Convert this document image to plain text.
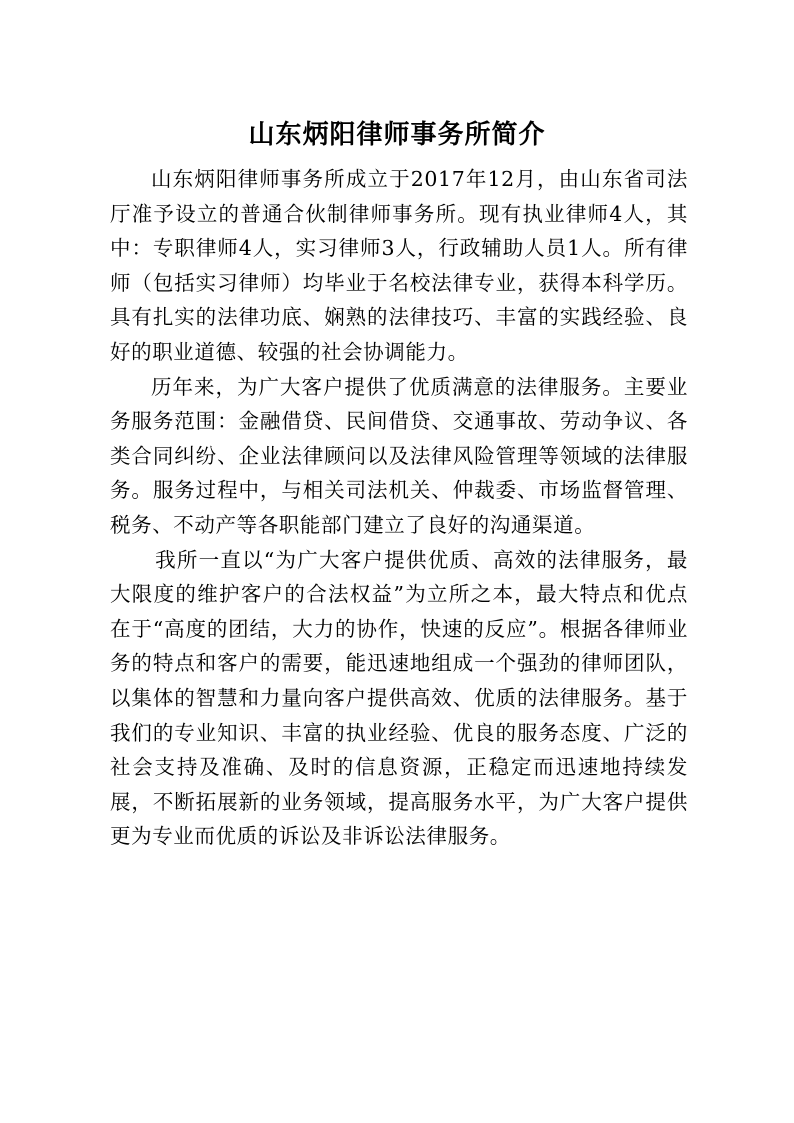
山东炳阳律师事务所简介

山东炳阳律师事务所成立于2017年12月，由山东省司法厅准予设立的普通合伙制律师事务所。现有执业律师4人，其中：专职律师4人，实习律师3人，行政辅助人员1人。所有律师（包括实习律师）均毕业于名校法律专业，获得本科学历。具有扎实的法律功底、娴熟的法律技巧、丰富的实践经验、良好的职业道德、较强的社会协调能力。

历年来，为广大客户提供了优质满意的法律服务。主要业务服务范围：金融借贷、民间借贷、交通事故、劳动争议、各类合同纠纷、企业法律顾问以及法律风险管理等领域的法律服务。服务过程中，与相关司法机关、仲裁委、市场监督管理、税务、不动产等各职能部门建立了良好的沟通渠道。

我所一直以“为广大客户提供优质、高效的法律服务，最大限度的维护客户的合法权益”为立所之本，最大特点和优点在于“高度的团结，大力的协作，快速的反应”。根据各律师业务的特点和客户的需要，能迅速地组成一个强劲的律师团队，以集体的智慧和力量向客户提供高效、优质的法律服务。基于我们的专业知识、丰富的执业经验、优良的服务态度、广泛的社会支持及准确、及时的信息资源，正稳定而迅速地持续发展，不断拓展新的业务领域，提高服务水平，为广大客户提供更为专业而优质的诉讼及非诉讼法律服务。
